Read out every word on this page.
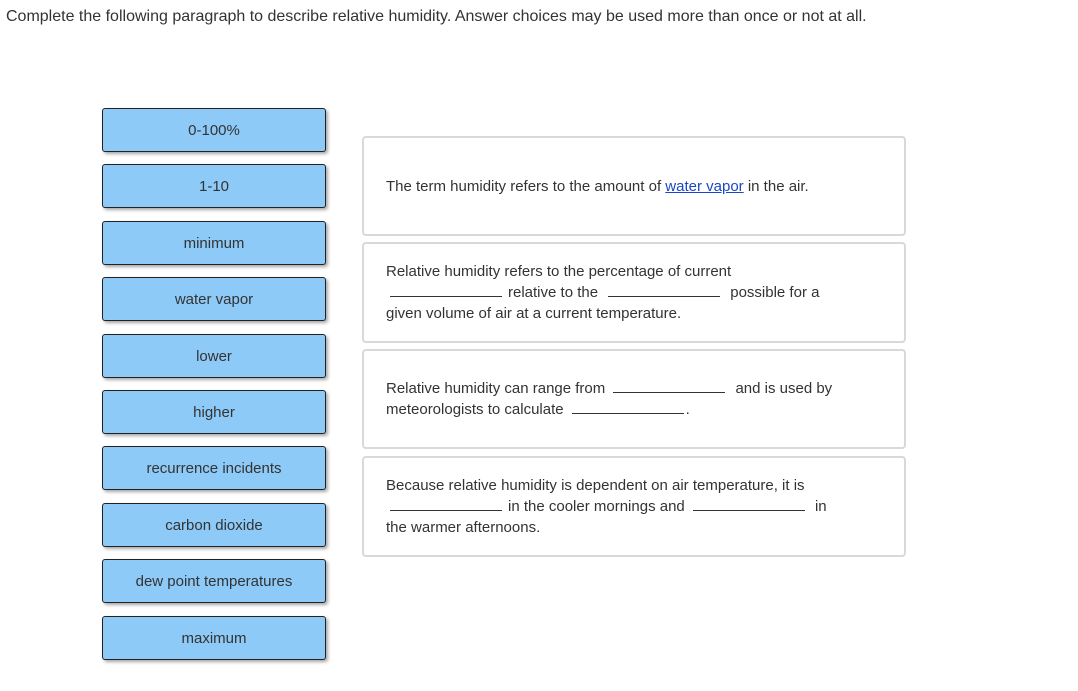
Complete the following paragraph to describe relative humidity. Answer choices may be used more than once or not at all.
0-100%
1-10
minimum
water vapor
lower
higher
recurrence incidents
carbon dioxide
dew point temperatures
maximum
The term humidity refers to the amount of water vapor in the air.
Relative humidity refers to the percentage of current
relative to the	possible for a
given volume of air at a current temperature.
Relative humidity can range from	and is used by
meteorologists to calculate	.
Because relative humidity is dependent on air temperature, it is
in the cooler mornings and	in
the warmer afternoons.
